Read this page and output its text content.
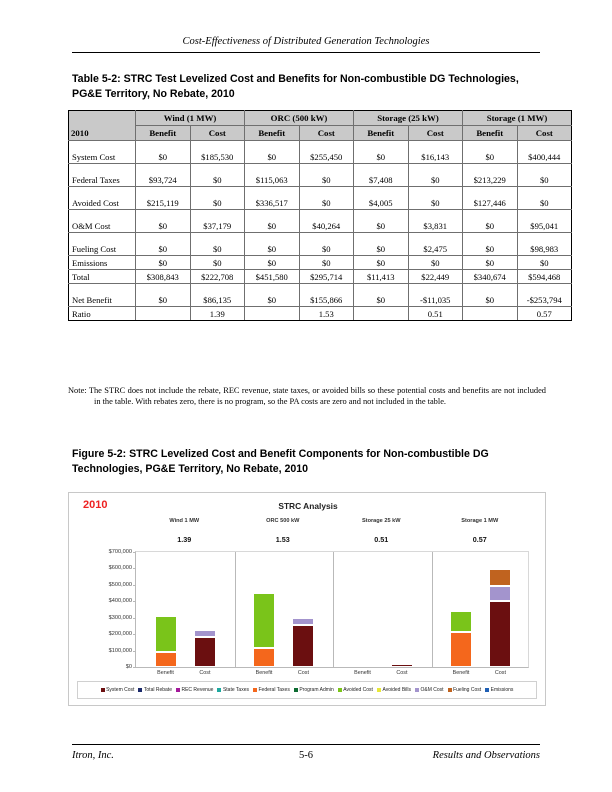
Cost-Effectiveness of Distributed Generation Technologies
Table 5-2: STRC Test Levelized Cost and Benefits for Non-combustible DG Technologies, PG&E Territory, No Rebate, 2010
2010	Wind (1 MW)		ORC (500 kW)		Storage (25 kW)		Storage (1 MW)	
	Benefit	Cost	Benefit	Cost	Benefit	Cost	Benefit	Cost
System Cost	$0	$185,530	$0	$255,450	$0	$16,143	$0	$400,444
Federal Taxes	$93,724	$0	$115,063	$0	$7,408	$0	$213,229	$0
Avoided Cost	$215,119	$0	$336,517	$0	$4,005	$0	$127,446	$0
O&M Cost	$0	$37,179	$0	$40,264	$0	$3,831	$0	$95,041
Fueling Cost	$0	$0	$0	$0	$0	$2,475	$0	$98,983
Emissions	$0	$0	$0	$0	$0	$0	$0	$0
Total	$308,843	$222,708	$451,580	$295,714	$11,413	$22,449	$340,674	$594,468
Net Benefit	$0	$86,135	$0	$155,866	$0	-$11,035	$0	-$253,794
Ratio		1.39		1.53		0.51		0.57
Note: The STRC does not include the rebate, REC revenue, state taxes, or avoided bills so these potential costs and benefits are not included in the table. With rebates zero, there is no program, so the PA costs are zero and not included in the table.
Figure 5-2: STRC Levelized Cost and Benefit Components for Non-combustible DG Technologies, PG&E Territory, No Rebate, 2010
2010	STRC Analysis
Wind 1 MW
1.39
ORC 500 kW
1.53
Storage 25 kW
0.51
Storage 1 MW
0.57
$0
$100,000
$200,000
$300,000
$400,000
$500,000
$600,000
$700,000
Benefit	Cost	Benefit	Cost	Benefit	Cost	Benefit	Cost
System Cost Total Rebate REC Revenue State Taxes Federal Taxes Program Admin Avoided Cost Avoided Bills O&M Cost Fueling Cost Emissions
Itron, Inc.	5-6	Results and Observations
